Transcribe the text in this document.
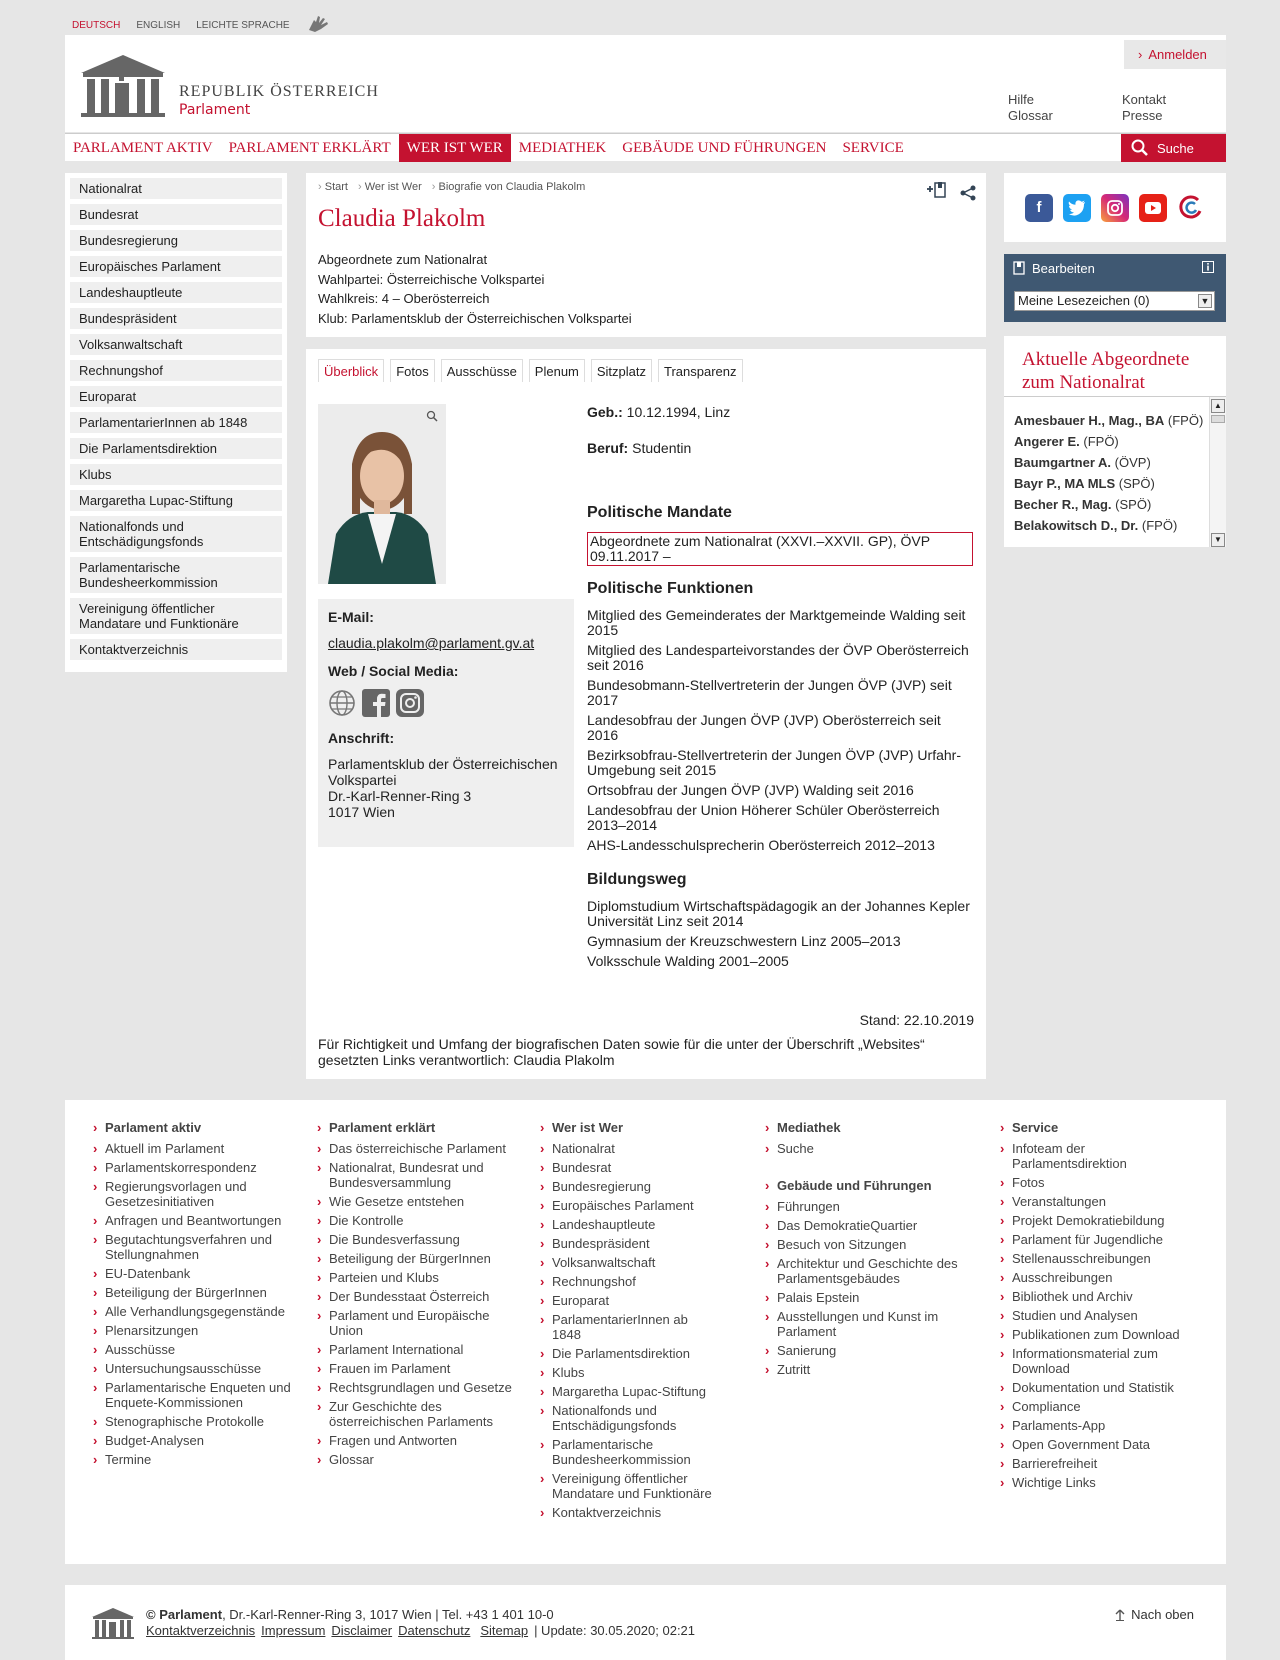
DEUTSCH ENGLISH LEICHTE SPRACHE
REPUBLIK ÖSTERREICH
Parlament
› Anmelden
Hilfe
Glossar
Kontakt
Presse
PARLAMENT AKTIV	PARLAMENT ERKLÄRT	WER IST WER	MEDIATHEK	GEBÄUDE UND FÜHRUNGEN	SERVICE	Suche
Nationalrat
Bundesrat
Bundesregierung
Europäisches Parlament
Landeshauptleute
Bundespräsident
Volksanwaltschaft
Rechnungshof
Europarat
ParlamentarierInnen ab 1848
Die Parlamentsdirektion
Klubs
Margaretha Lupac-Stiftung
Nationalfonds und Entschädigungsfonds
Parlamentarische Bundesheerkommission
Vereinigung öffentlicher Mandatare und Funktionäre
Kontaktverzeichnis
› Start	› Wer ist Wer	› Biografie von Claudia Plakolm
Claudia Plakolm
Abgeordnete zum Nationalrat
Wahlpartei: Österreichische Volkspartei
Wahlkreis: 4 – Oberösterreich
Klub: Parlamentsklub der Österreichischen Volkspartei
Überblick	Fotos	Ausschüsse	Plenum	Sitzplatz	Transparenz
E-Mail:
claudia.plakolm@parlament.gv.at
Web / Social Media:
Anschrift:
Parlamentsklub der Österreichischen Volkspartei
Dr.-Karl-Renner-Ring 3
1017 Wien
Geb.: 10.12.1994, Linz
Beruf: Studentin
Politische Mandate
Abgeordnete zum Nationalrat (XXVI.–XXVII. GP), ÖVP 09.11.2017 –
Politische Funktionen
Mitglied des Gemeinderates der Marktgemeinde Walding seit 2015
Mitglied des Landesparteivorstandes der ÖVP Oberösterreich seit 2016
Bundesobmann-Stellvertreterin der Jungen ÖVP (JVP) seit 2017
Landesobfrau der Jungen ÖVP (JVP) Oberösterreich seit 2016
Bezirksobfrau-Stellvertreterin der Jungen ÖVP (JVP) Urfahr-Umgebung seit 2015
Ortsobfrau der Jungen ÖVP (JVP) Walding seit 2016
Landesobfrau der Union Höherer Schüler Oberösterreich 2013–2014
AHS-Landesschulsprecherin Oberösterreich 2012–2013
Bildungsweg
Diplomstudium Wirtschaftspädagogik an der Johannes Kepler Universität Linz seit 2014
Gymnasium der Kreuzschwestern Linz 2005–2013
Volksschule Walding 2001–2005
Stand: 22.10.2019
Für Richtigkeit und Umfang der biografischen Daten sowie für die unter der Überschrift „Websites“ gesetzten Links verantwortlich: Claudia Plakolm
f
Bearbeiten
Meine Lesezeichen (0)	▼
Aktuelle Abgeordnete zum Nationalrat
Amesbauer H., Mag., BA (FPÖ)
Angerer E. (FPÖ)
Baumgartner A. (ÖVP)
Bayr P., MA MLS (SPÖ)
Becher R., Mag. (SPÖ)
Belakowitsch D., Dr. (FPÖ)
▲
▼
› Parlament aktiv
› Aktuell im Parlament
› Parlamentskorrespondenz
› Regierungsvorlagen und Gesetzesinitiativen
› Anfragen und Beantwortungen
› Begutachtungsverfahren und Stellungnahmen
› EU-Datenbank
› Beteiligung der BürgerInnen
› Alle Verhandlungsgegenstände
› Plenarsitzungen
› Ausschüsse
› Untersuchungsausschüsse
› Parlamentarische Enqueten und Enquete-Kommissionen
› Stenographische Protokolle
› Budget-Analysen
› Termine
› Parlament erklärt
› Das österreichische Parlament
› Nationalrat, Bundesrat und Bundesversammlung
› Wie Gesetze entstehen
› Die Kontrolle
› Die Bundesverfassung
› Beteiligung der BürgerInnen
› Parteien und Klubs
› Der Bundesstaat Österreich
› Parlament und Europäische Union
› Parlament International
› Frauen im Parlament
› Rechtsgrundlagen und Gesetze
› Zur Geschichte des österreichischen Parlaments
› Fragen und Antworten
› Glossar
› Wer ist Wer
› Nationalrat
› Bundesrat
› Bundesregierung
› Europäisches Parlament
› Landeshauptleute
› Bundespräsident
› Volksanwaltschaft
› Rechnungshof
› Europarat
› ParlamentarierInnen ab 1848
› Die Parlamentsdirektion
› Klubs
› Margaretha Lupac-Stiftung
› Nationalfonds und Entschädigungsfonds
› Parlamentarische Bundesheerkommission
› Vereinigung öffentlicher Mandatare und Funktionäre
› Kontaktverzeichnis
› Mediathek
› Suche
› Gebäude und Führungen
› Führungen
› Das DemokratieQuartier
› Besuch von Sitzungen
› Architektur und Geschichte des Parlamentsgebäudes
› Palais Epstein
› Ausstellungen und Kunst im Parlament
› Sanierung
› Zutritt
› Service
› Infoteam der Parlamentsdirektion
› Fotos
› Veranstaltungen
› Projekt Demokratiebildung
› Parlament für Jugendliche
› Stellenausschreibungen
› Ausschreibungen
› Bibliothek und Archiv
› Studien und Analysen
› Publikationen zum Download
› Informationsmaterial zum Download
› Dokumentation und Statistik
› Compliance
› Parlaments-App
› Open Government Data
› Barrierefreiheit
› Wichtige Links
© Parlament, Dr.-Karl-Renner-Ring 3, 1017 Wien | Tel. +43 1 401 10-0
Kontaktverzeichnis Impressum Disclaimer Datenschutz Sitemap | Update: 30.05.2020; 02:21
Nach oben
